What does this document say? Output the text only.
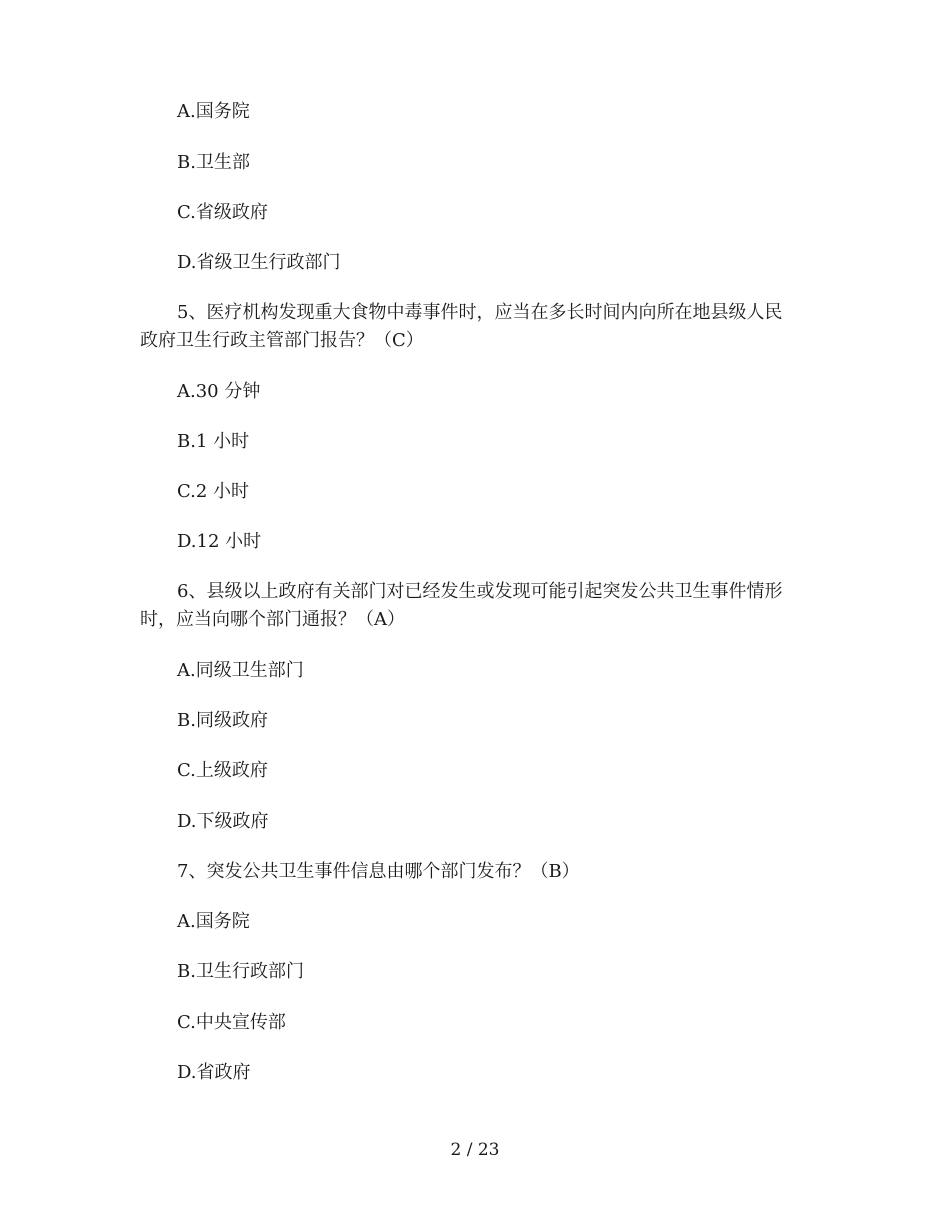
A.国务院
B.卫生部
C.省级政府
D.省级卫生行政部门
5、医疗机构发现重大食物中毒事件时，应当在多长时间内向所在地县级人民
政府卫生行政主管部门报告？（C）
A.30 分钟
B.1 小时
C.2 小时
D.12 小时
6、县级以上政府有关部门对已经发生或发现可能引起突发公共卫生事件情形
时，应当向哪个部门通报？（A）
A.同级卫生部门
B.同级政府
C.上级政府
D.下级政府
7、突发公共卫生事件信息由哪个部门发布？（B）
A.国务院
B.卫生行政部门
C.中央宣传部
D.省政府
2 / 23
